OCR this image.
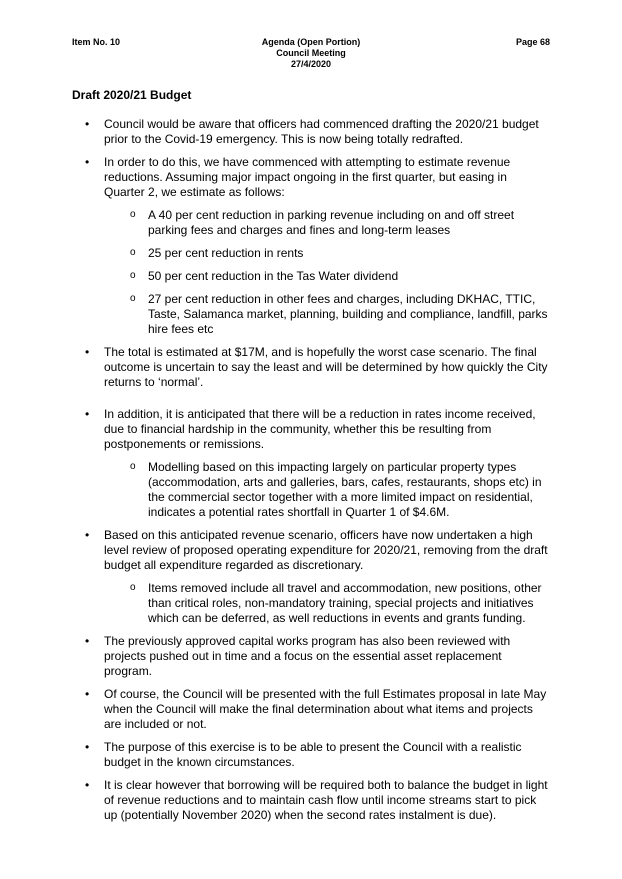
Item No. 10	Agenda (Open Portion)
Council Meeting
27/4/2020
Page 68
Draft 2020/21 Budget
• Council would be aware that officers had commenced drafting the 2020/21 budget prior to the Covid-19 emergency. This is now being totally redrafted.
• In order to do this, we have commenced with attempting to estimate revenue reductions. Assuming major impact ongoing in the first quarter, but easing in Quarter 2, we estimate as follows:
o A 40 per cent reduction in parking revenue including on and off street parking fees and charges and fines and long-term leases
o 25 per cent reduction in rents
o 50 per cent reduction in the Tas Water dividend
o 27 per cent reduction in other fees and charges, including DKHAC, TTIC, Taste, Salamanca market, planning, building and compliance, landfill, parks hire fees etc
• The total is estimated at $17M, and is hopefully the worst case scenario. The final outcome is uncertain to say the least and will be determined by how quickly the City returns to ‘normal’.
• In addition, it is anticipated that there will be a reduction in rates income received, due to financial hardship in the community, whether this be resulting from postponements or remissions.
o Modelling based on this impacting largely on particular property types (accommodation, arts and galleries, bars, cafes, restaurants, shops etc) in the commercial sector together with a more limited impact on residential, indicates a potential rates shortfall in Quarter 1 of $4.6M.
• Based on this anticipated revenue scenario, officers have now undertaken a high level review of proposed operating expenditure for 2020/21, removing from the draft budget all expenditure regarded as discretionary.
o Items removed include all travel and accommodation, new positions, other than critical roles, non-mandatory training, special projects and initiatives which can be deferred, as well reductions in events and grants funding.
• The previously approved capital works program has also been reviewed with projects pushed out in time and a focus on the essential asset replacement program.
• Of course, the Council will be presented with the full Estimates proposal in late May when the Council will make the final determination about what items and projects are included or not.
• The purpose of this exercise is to be able to present the Council with a realistic budget in the known circumstances.
• It is clear however that borrowing will be required both to balance the budget in light of revenue reductions and to maintain cash flow until income streams start to pick up (potentially November 2020) when the second rates instalment is due).
